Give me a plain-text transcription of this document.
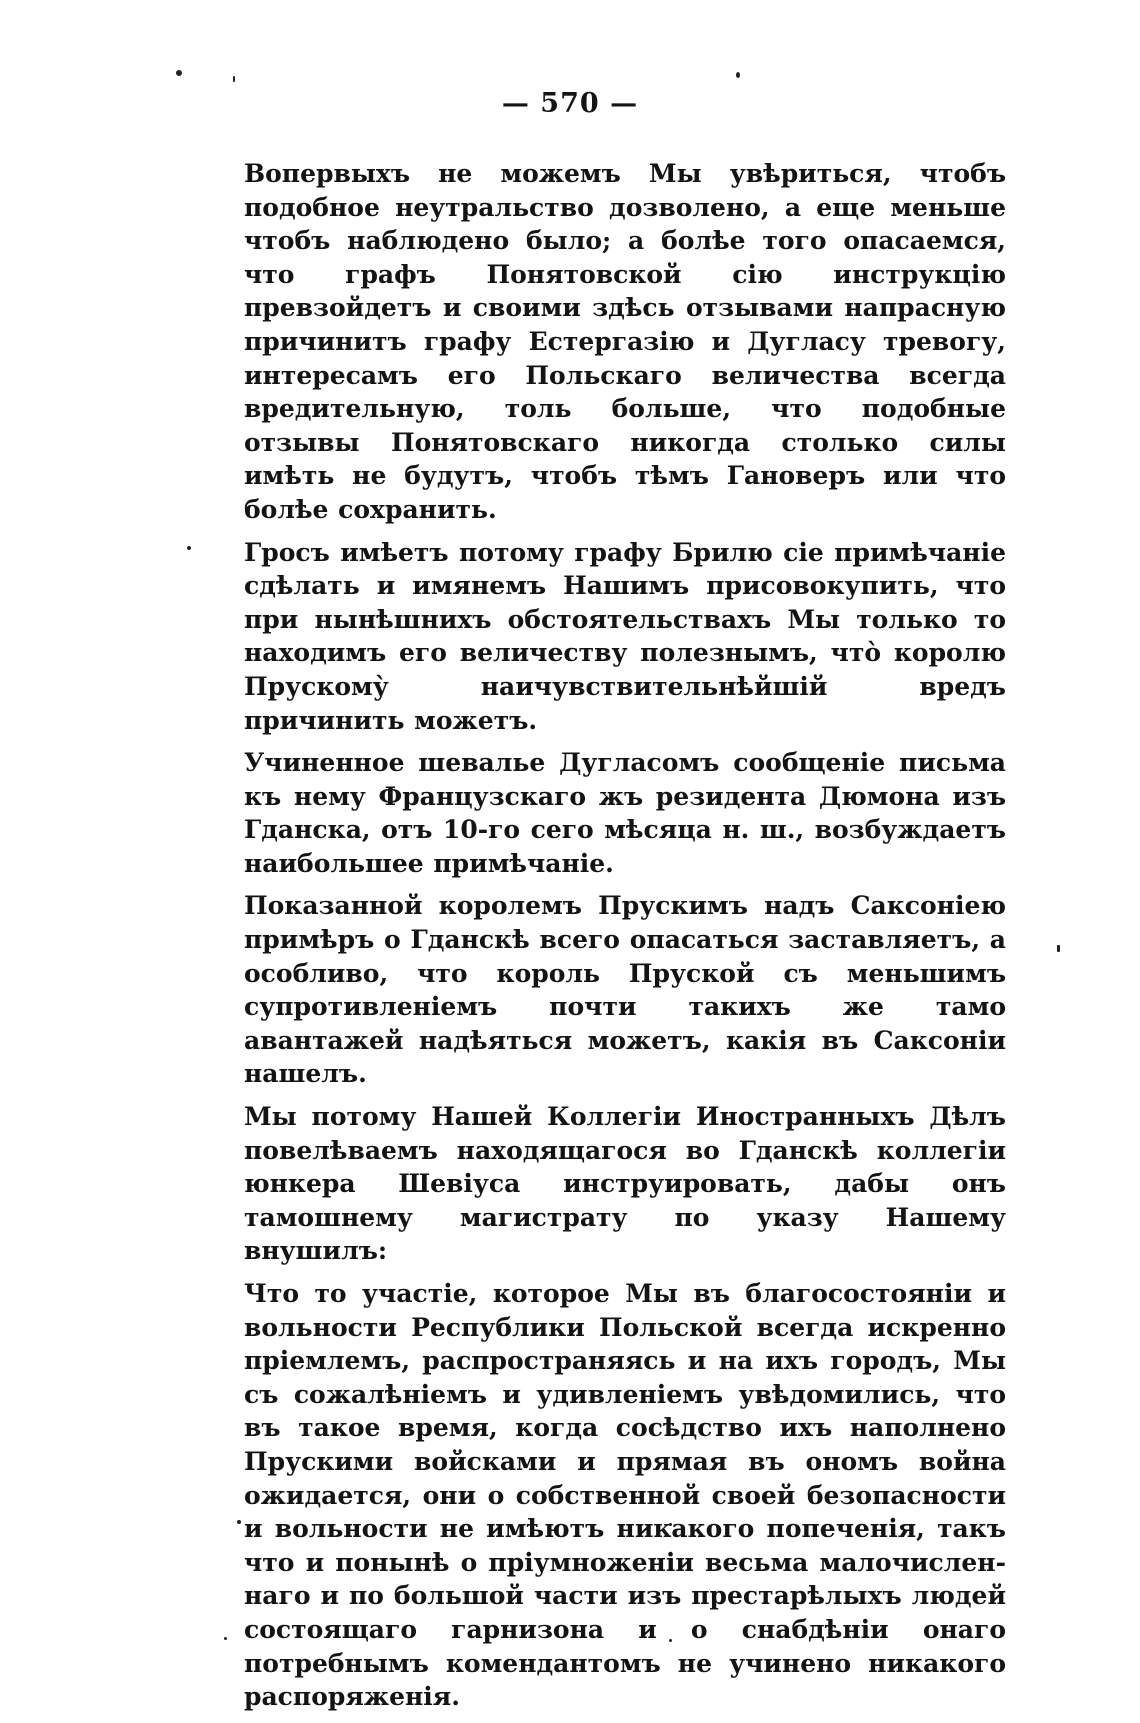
— 570 —

Вопервыхъ не можемъ Мы увѣриться, чтобъ подобное неутральство дозволено, а еще меньше чтобъ наблюдено было; а болѣе того опасаемся, что графъ Понятовской сію инструкцію превзойдетъ и своими здѣсь отзывами напрасную причинитъ графу Естергазію и Дугласу тревогу, интересамъ его Польскаго величества всегда вредительную, толь больше, что подобные отзывы Понятовскаго никогда столько силы имѣть не будутъ, чтобъ тѣмъ Гановеръ или что болѣе сохранить.

Гросъ имѣетъ потому графу Брилю сіе примѣчаніе сдѣлать и имянемъ Нашимъ присовокупить, что при нынѣшнихъ обстоятельствахъ Мы только то находимъ его величеству полезнымъ, что̀ королю Прускому̀ наичувствительнѣйшій вредъ причинить можетъ.

Учиненное шевалье Дугласомъ сообщеніе письма къ нему Французскаго жъ резидента Дюмона изъ Гданска, отъ 10-го сего мѣсяца н. ш., возбуждаетъ наибольшее примѣчаніе.

Показанной королемъ Прускимъ надъ Саксоніею примѣръ о Гданскѣ всего опасаться заставляетъ, а особливо, что король Пруской съ меньшимъ супротивленіемъ почти такихъ же тамо авантажей надѣяться можетъ, какія въ Саксоніи нашелъ.

Мы потому Нашей Коллегіи Иностранныхъ Дѣлъ повелѣваемъ находящагося во Гданскѣ коллегіи юнкера Шевіуса инструировать, дабы онъ тамошнему магистрату по указу Нашему внушилъ:

Что то участіе, которое Мы въ благосостояніи и вольности Республики Польской всегда искренно пріемлемъ, распространяясь и на ихъ городъ, Мы съ сожалѣніемъ и удивленіемъ увѣдомились, что въ такое время, когда сосѣдство ихъ наполнено Прускими войсками и прямая въ ономъ война ожидается, они о собственной своей безопасности и вольности не имѣютъ никакого попеченія, такъ что и понынѣ о пріумноженіи весьма малочисленнаго и по большой части изъ престарѣлыхъ людей состоящаго гарнизона и о снабдѣніи онаго потребнымъ комендантомъ не учинено никакого распоряженія.
